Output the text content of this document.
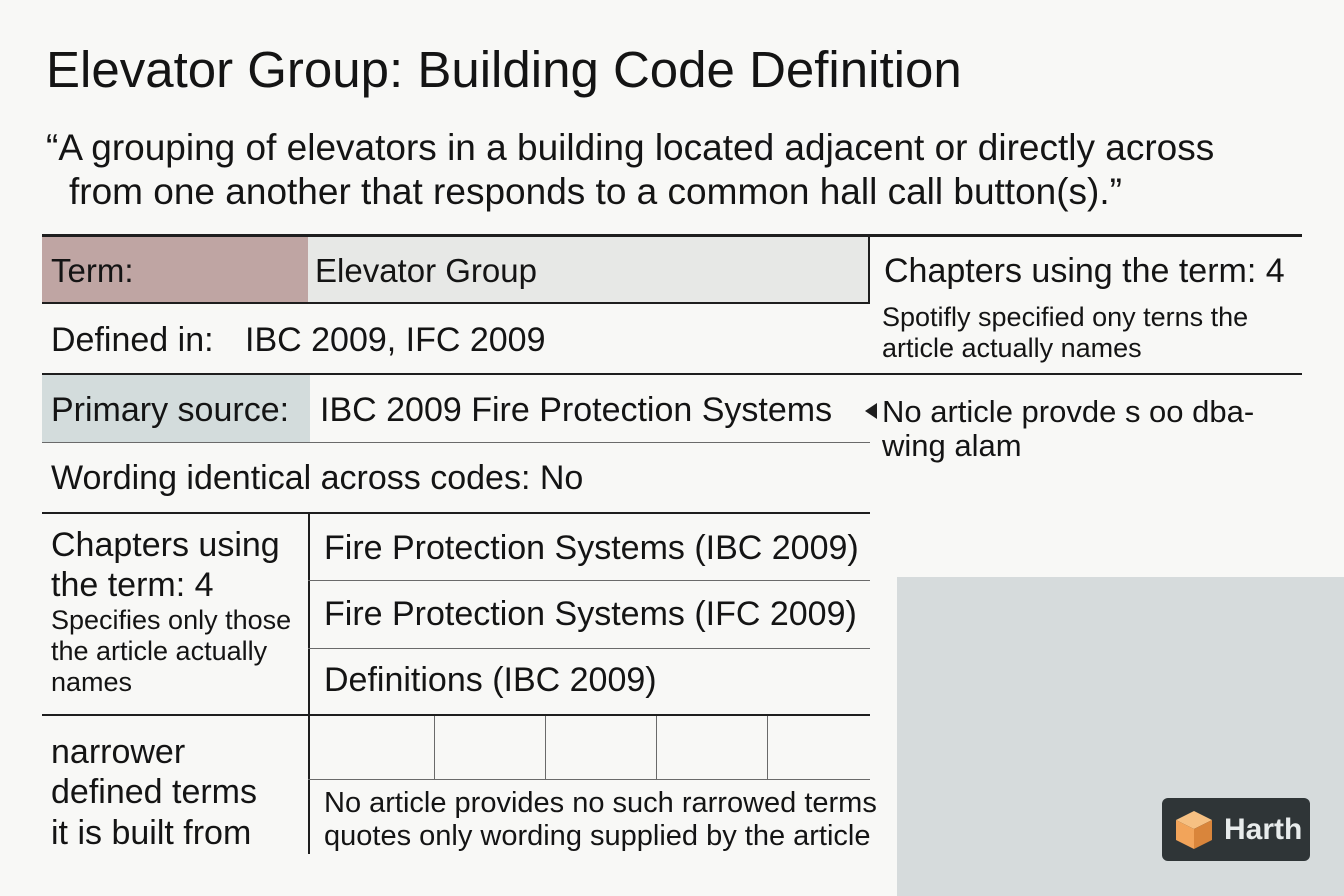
Elevator Group: Building Code Definition
“A grouping of elevators in a building located adjacent or directly across
from one another that responds to a common hall call button(s).”
Term:	Elevator Group
Defined in: IBC 2009, IFC 2009
Primary source: IBC 2009 Fire Protection Systems
Wording identical across codes: No
Chapters using
the term: 4
Specifies only those
the article actually
names
Fire Protection Systems (IBC 2009)
Fire Protection Systems (IFC 2009)
Definitions (IBC 2009)
narrower
defined terms
it is built from
No article provides no such rarrowed terms
quotes only wording supplied by the article
Chapters using the term: 4
Spotifly specified ony terns the
article actually names
No article provde s oo dba-
wing alam
Harth
